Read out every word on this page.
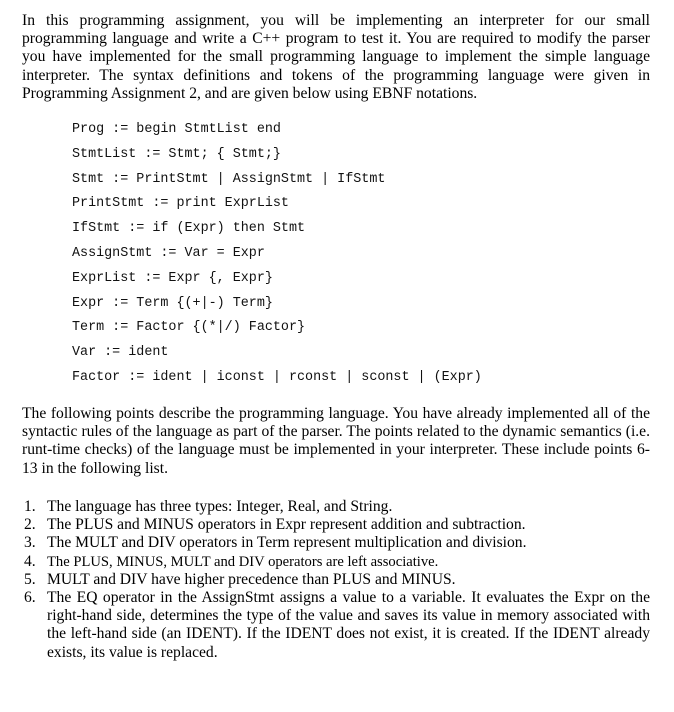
In this programming assignment, you will be implementing an interpreter for our small programming language and write a C++ program to test it. You are required to modify the parser you have implemented for the small programming language to implement the simple language interpreter. The syntax definitions and tokens of the programming language were given in Programming Assignment 2, and are given below using EBNF notations.

Prog := begin StmtList end
StmtList := Stmt; { Stmt;}
Stmt := PrintStmt | AssignStmt | IfStmt
PrintStmt := print ExprList
IfStmt := if (Expr) then Stmt
AssignStmt := Var = Expr
ExprList := Expr {, Expr}
Expr := Term {(+|-) Term}
Term := Factor {(*|/) Factor}
Var := ident
Factor := ident | iconst | rconst | sconst | (Expr)

The following points describe the programming language. You have already implemented all of the syntactic rules of the language as part of the parser. The points related to the dynamic semantics (i.e. runt-time checks) of the language must be implemented in your interpreter. These include points 6-13 in the following list.

1. The language has three types: Integer, Real, and String.
2. The PLUS and MINUS operators in Expr represent addition and subtraction.
3. The MULT and DIV operators in Term represent multiplication and division.
4. The PLUS, MINUS, MULT and DIV operators are left associative.
5. MULT and DIV have higher precedence than PLUS and MINUS.
6. The EQ operator in the AssignStmt assigns a value to a variable. It evaluates the Expr on the right-hand side, determines the type of the value and saves its value in memory associated with the left-hand side (an IDENT). If the IDENT does not exist, it is created. If the IDENT already exists, its value is replaced.
